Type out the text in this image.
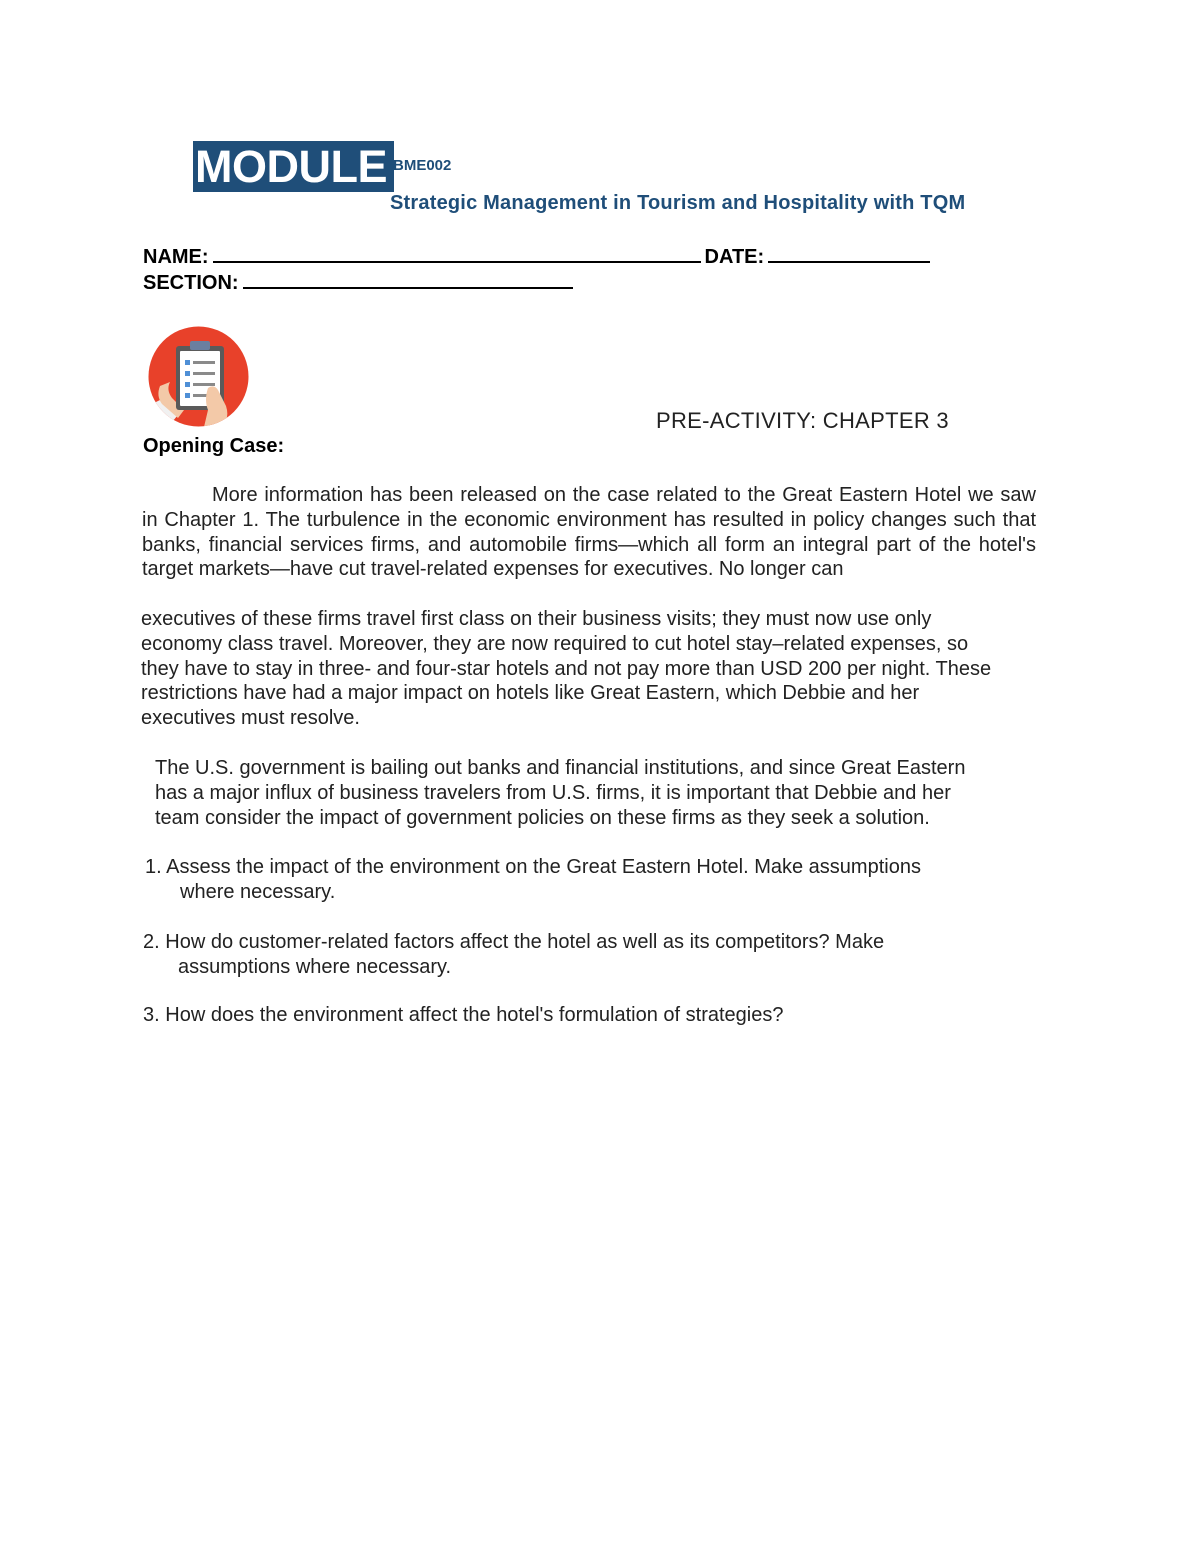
MODULE BME002
Strategic Management in Tourism and Hospitality with TQM
NAME:	DATE:
SECTION:
PRE-ACTIVITY: CHAPTER 3
Opening Case:
More information has been released on the case related to the Great Eastern Hotel we saw in Chapter 1. The turbulence in the economic environment has resulted in policy changes such that banks, financial services firms, and automobile firms—which all form an integral part of the hotel's target markets—have cut travel-related expenses for executives. No longer can
executives of these firms travel first class on their business visits; they must now use only
economy class travel. Moreover, they are now required to cut hotel stay–related expenses, so
they have to stay in three- and four-star hotels and not pay more than USD 200 per night. These
restrictions have had a major impact on hotels like Great Eastern, which Debbie and her
executives must resolve.
The U.S. government is bailing out banks and financial institutions, and since Great Eastern
has a major influx of business travelers from U.S. firms, it is important that Debbie and her
team consider the impact of government policies on these firms as they seek a solution.
1. Assess the impact of the environment on the Great Eastern Hotel. Make assumptions
where necessary.
2. How do customer-related factors affect the hotel as well as its competitors? Make
assumptions where necessary.
3. How does the environment affect the hotel's formulation of strategies?
